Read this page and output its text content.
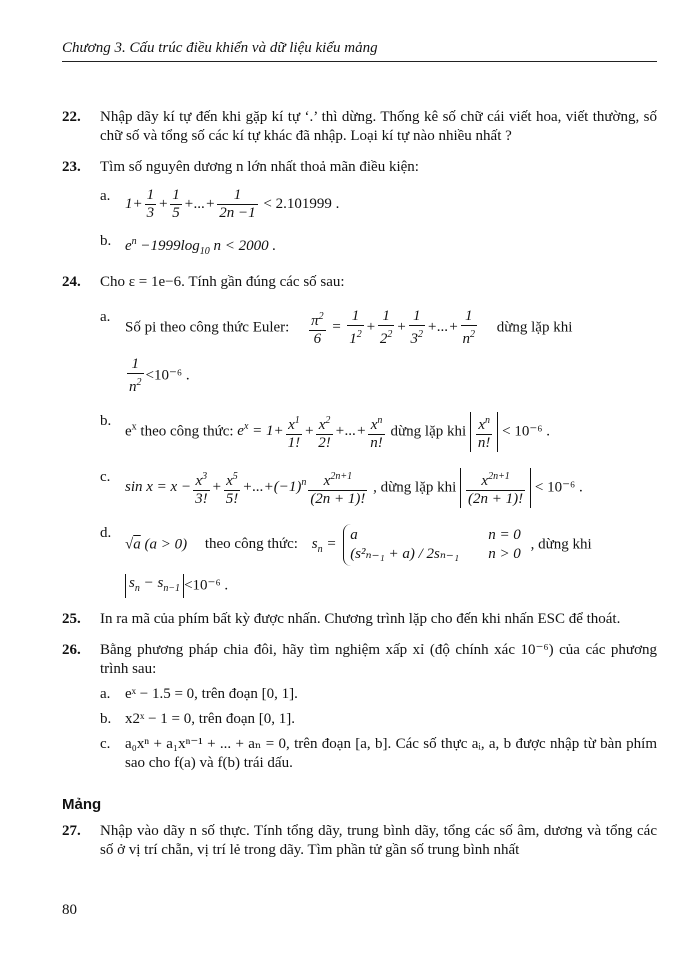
Chương 3. Cấu trúc điều khiển và dữ liệu kiểu mảng
22. Nhập dãy kí tự đến khi gặp kí tự ‘.’ thì dừng. Thống kê số chữ cái viết hoa, viết thường, số chữ số và tổng số các kí tự khác đã nhập. Loại kí tự nào nhiều nhất ?
23. Tìm số nguyên dương n lớn nhất thoả mãn điều kiện:
a. $1+ \frac{1}{3} + \frac{1}{5}$ +...+ $\frac{1}{2n -1} < 2.101999$ .
b. $e^n -1999\log_{10}$ n < 2000 .
24. Cho ε = 1e−6. Tính gần đúng các số sau:
a.
Số pi theo công thức Euler: $\frac{\pi^2}{6} = \frac{1}{1^2} + \frac{1}{2^2} + \frac{1}{3^2}$ +...+ $\frac{1}{n^2}$ dừng lặp khi
$\frac{1}{n^2} <10^{-6}$ .
b.
$e^x$ theo công thức: $e^x = 1+ \frac{x^1}{1!} + \frac{x^2}{2!}$ +...+ $\frac{x^n}{n!}$ dừng lặp khi $\frac{x^n}{n!} < 10^{-6}$ .
c.
$\sin x = x - \frac{x^3}{3!} + \frac{x^5}{5!} +...+(-1)^n \frac{x^{2n+1}}{(2n + 1)!}$ , dừng lặp khi $\frac{x^{2n+1}}{(2n + 1)!} < 10^{-6}$ .
d.
√a (a > 0) theo công thức: $s_n$ =
a	n = 0
(s²ₙ₋₁ + a) / 2sₙ₋₁	n > 0
, dừng khi
$s_n - s_{n-1} <10^{-6}$ .
25. In ra mã của phím bất kỳ được nhấn. Chương trình lặp cho đến khi nhấn ESC để thoát.
26. Bằng phương pháp chia đôi, hãy tìm nghiệm xấp xỉ (độ chính xác 10⁻⁶) của các phương trình sau:
a. eˣ − 1.5 = 0, trên đoạn [0, 1].
b. x2ˣ − 1 = 0, trên đoạn [0, 1].
c. a₀xⁿ + a₁xⁿ⁻¹ + ... + aₙ = 0, trên đoạn [a, b]. Các số thực aᵢ, a, b được nhập từ bàn phím sao cho f(a) và f(b) trái dấu.
Mảng
27. Nhập vào dãy n số thực. Tính tổng dãy, trung bình dãy, tổng các số âm, dương và tổng các số ở vị trí chẵn, vị trí lẻ trong dãy. Tìm phần tử gần số trung bình nhất
80
